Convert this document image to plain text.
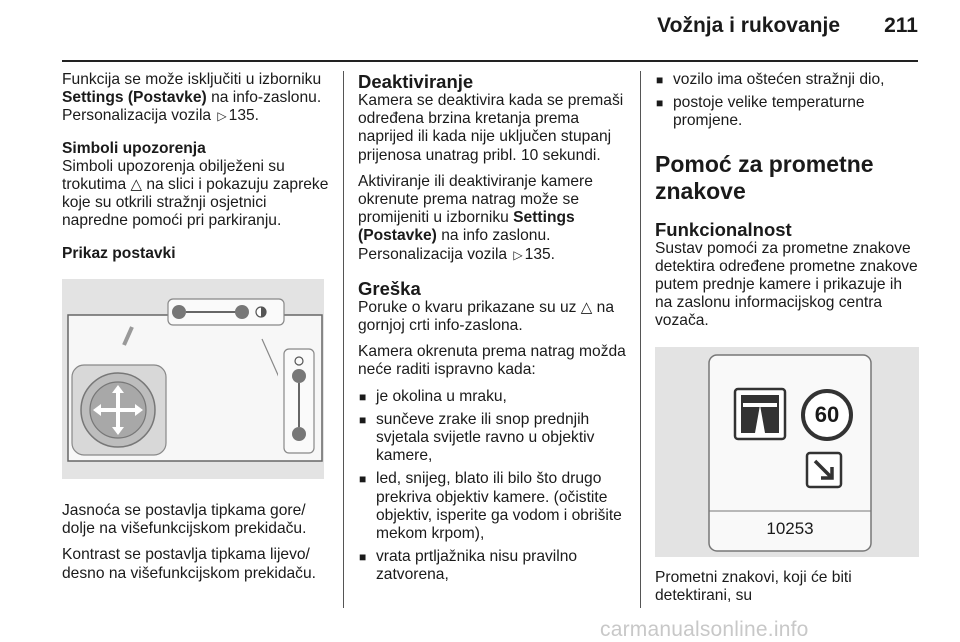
Vožnja i rukovanje 211

Funkcija se može isključiti u izborniku Settings (Postavke) na info-zaslonu. Personalizacija vozila ▷ 135.

Simboli upozorenja

Simboli upozorenja obilježeni su trokutima △ na slici i pokazuju zapreke koje su otkrili stražnji osjetnici napredne pomoći pri parkiranju.

Prikaz postavki

Jasnoća se postavlja tipkama gore/ dolje na višefunkcijskom prekidaču.

Kontrast se postavlja tipkama lijevo/ desno na višefunkcijskom prekidaču.

Deaktiviranje

Kamera se deaktivira kada se premaši određena brzina kretanja prema naprijed ili kada nije uključen stupanj prijenosa unatrag pribl. 10 sekundi.

Aktiviranje ili deaktiviranje kamere okrenute prema natrag može se promijeniti u izborniku Settings (Postavke) na info zaslonu. Personalizacija vozila ▷ 135.

Greška

Poruke o kvaru prikazane su uz △ na gornjoj crti info-zaslona.

Kamera okrenuta prema natrag možda neće raditi ispravno kada:

■ je okolina u mraku,
■ sunčeve zrake ili snop prednjih svjetala svijetle ravno u objektiv kamere,
■ led, snijeg, blato ili bilo što drugo prekriva objektiv kamere. (očistite objektiv, isperite ga vodom i obrišite mekom krpom),
■ vrata prtljažnika nisu pravilno zatvorena,
■ vozilo ima oštećen stražnji dio,
■ postoje velike temperaturne promjene.
Pomoć za prometne znakove
Funkcionalnost

Sustav pomoći za prometne znakove detektira određene prometne znakove putem prednje kamere i prikazuje ih na zaslonu informacijskog centra vozača.

60
10253

Prometni znakovi, koji će biti detektirani, su

carmanualsonline.info
